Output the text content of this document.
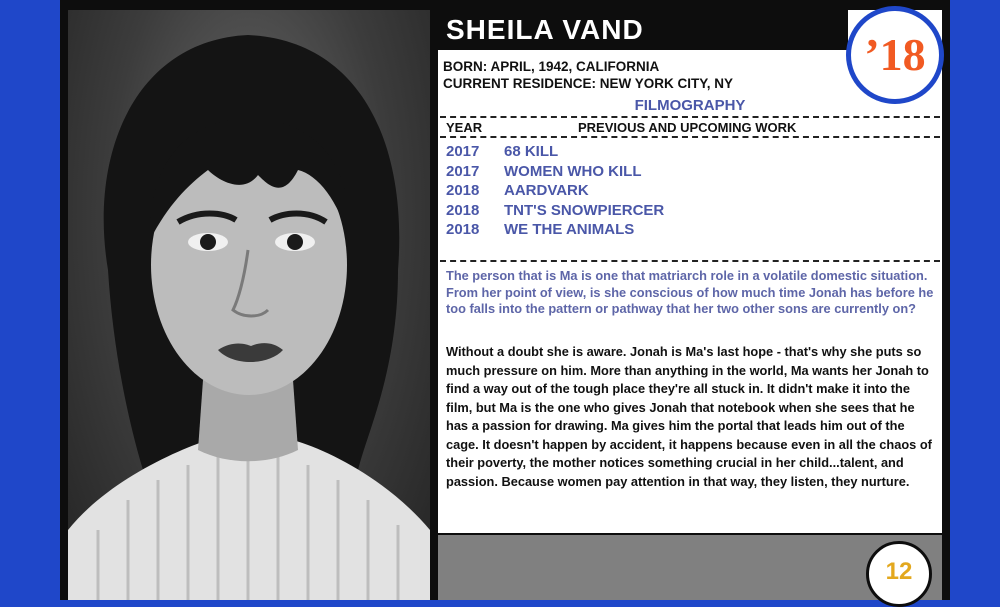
SHEILA VAND	’18
BORN: APRIL, 1942, CALIFORNIA
CURRENT RESIDENCE: NEW YORK CITY, NY
FILMOGRAPHY
YEAR	PREVIOUS AND UPCOMING WORK
2017 68 KILL
2017 WOMEN WHO KILL
2018 AARDVARK
2018 TNT'S SNOWPIERCER
2018 WE THE ANIMALS
The person that is Ma is one that matriarch role in a volatile domestic situation. From her point of view, is she conscious of how much time Jonah has before he too falls into the pattern or pathway that her two other sons are currently on?
Without a doubt she is aware. Jonah is Ma's last hope - that's why she puts so much pressure on him. More than anything in the world, Ma wants her Jonah to find a way out of the tough place they're all stuck in. It didn't make it into the film, but Ma is the one who gives Jonah that notebook when she sees that he has a passion for drawing. Ma gives him the portal that leads him out of the cage. It doesn't happen by accident, it happens because even in all the chaos of their poverty, the mother notices something crucial in her child...talent, and passion. Because women pay attention in that way, they listen, they nurture.
12
